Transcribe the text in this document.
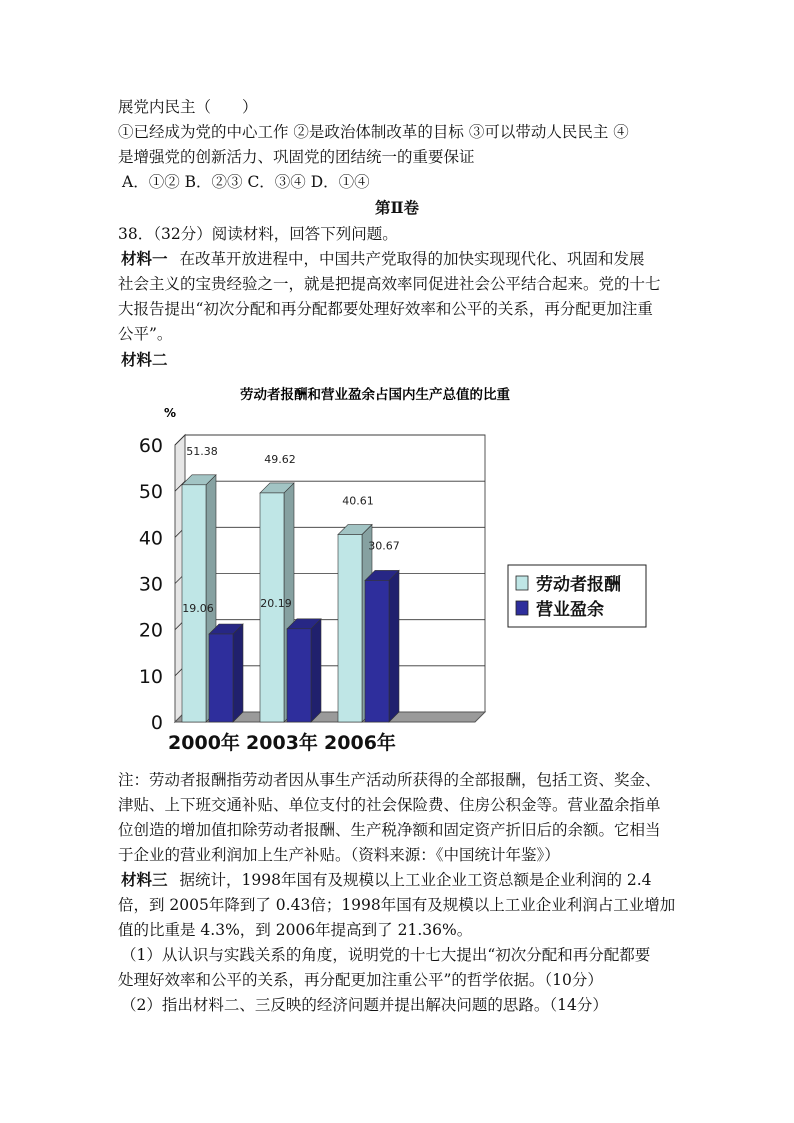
展党内民主（　　）
①已经成为党的中心工作 ②是政治体制改革的目标 ③可以带动人民民主 ④
是增强党的创新活力、巩固党的团结统一的重要保证
A．①② B．②③ C．③④ D．①④
第Ⅱ卷
38．（32分）阅读材料，回答下列问题。
材料一 在改革开放进程中，中国共产党取得的加快实现现代化、巩固和发展
社会主义的宝贵经验之一，就是把提高效率同促进社会公平结合起来。党的十七
大报告提出“初次分配和再分配都要处理好效率和公平的关系，再分配更加注重
公平”。
材料二
劳动者报酬和营业盈余占国内生产总值的比重
%
0
10
20
30
40
50
60 51.38
19.06
2000年
49.62
20.19
2003年
40.61
30.67
2006年
劳动者报酬
营业盈余
注：劳动者报酬指劳动者因从事生产活动所获得的全部报酬，包括工资、奖金、
津贴、上下班交通补贴、单位支付的社会保险费、住房公积金等。营业盈余指单
位创造的增加值扣除劳动者报酬、生产税净额和固定资产折旧后的余额。它相当
于企业的营业利润加上生产补贴。（资料来源：《中国统计年鉴》）
材料三 据统计，1998年国有及规模以上工业企业工资总额是企业利润的 2.4
倍，到 2005年降到了 0.43倍；1998年国有及规模以上工业企业利润占工业增加
值的比重是 4.3%，到 2006年提高到了 21.36%。
（1）从认识与实践关系的角度，说明党的十七大提出“初次分配和再分配都要
处理好效率和公平的关系，再分配更加注重公平”的哲学依据。（10分）
（2）指出材料二、三反映的经济问题并提出解决问题的思路。（14分）
